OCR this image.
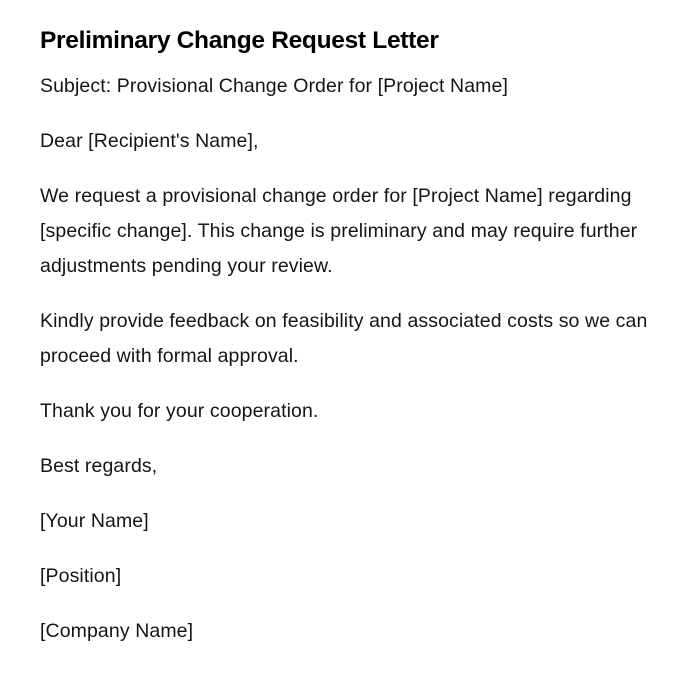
Preliminary Change Request Letter

Subject: Provisional Change Order for [Project Name]

Dear [Recipient's Name],

We request a provisional change order for [Project Name] regarding [specific change]. This change is preliminary and may require further adjustments pending your review.

Kindly provide feedback on feasibility and associated costs so we can proceed with formal approval.

Thank you for your cooperation.

Best regards,

[Your Name]

[Position]

[Company Name]
